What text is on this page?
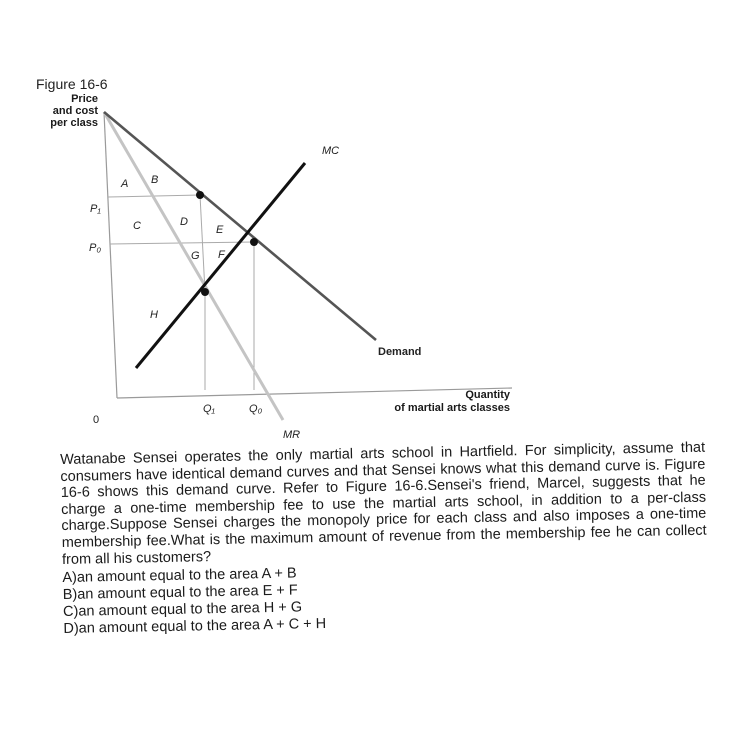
Figure 16-6
Price
and cost
per class
Quantity
of martial arts classes
P₁
P₀
0
Q₁	Q₀
MC
Demand
MR
A B
C	D
E
G F
H

Watanabe Sensei operates the only martial arts school in Hartfield. For simplicity, assume that consumers have identical demand curves and that Sensei knows what this demand curve is. Figure 16-6 shows this demand curve. Refer to Figure 16-6.Sensei's friend, Marcel, suggests that he charge a one-time membership fee to use the martial arts school, in addition to a per-class charge.Suppose Sensei charges the monopoly price for each class and also imposes a one-time membership fee.What is the maximum amount of revenue from the membership fee he can collect from all his customers?

A)an amount equal to the area A + B
B)an amount equal to the area E + F
C)an amount equal to the area H + G
D)an amount equal to the area A + C + H
